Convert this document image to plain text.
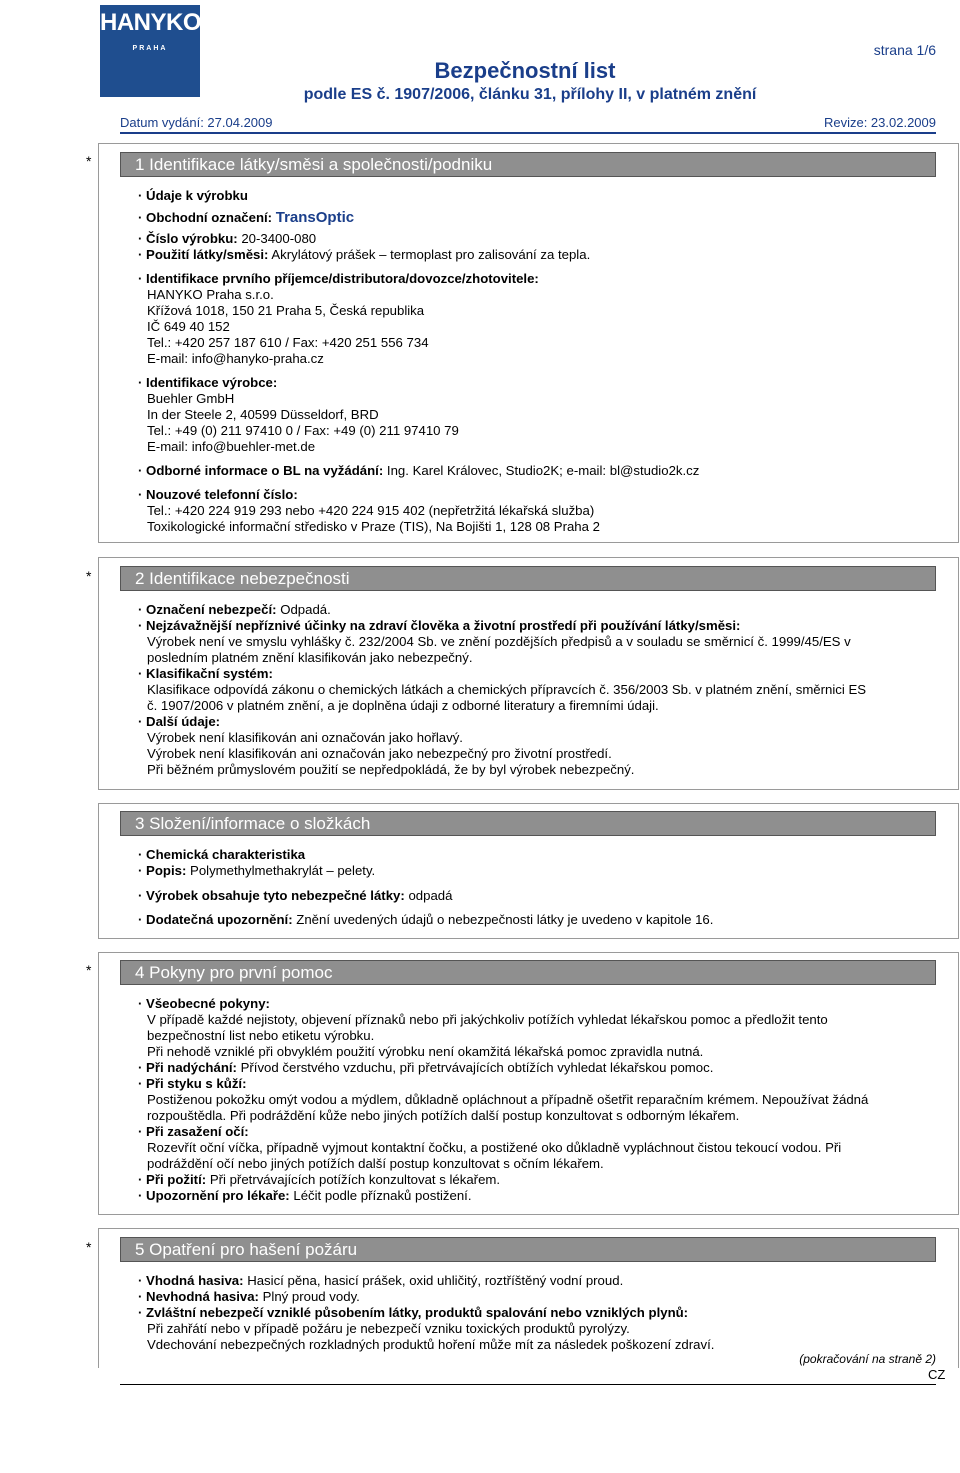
HANYKO
PRAHA
Bezpečnostní list
podle ES č. 1907/2006, článku 31, přílohy II, v platném znění
strana 1/6
Datum vydání: 27.04.2009	Revize: 23.02.2009
*	1 Identifikace látky/směsi a společnosti/podniku
· Údaje k výrobku
· Obchodní označení: TransOptic
· Číslo výrobku: 20-3400-080
· Použití látky/směsi: Akrylátový prášek – termoplast pro zalisování za tepla.
· Identifikace prvního příjemce/distributora/dovozce/zhotovitele:
HANYKO Praha s.r.o.
Křížová 1018, 150 21 Praha 5, Česká republika
IČ 649 40 152
Tel.: +420 257 187 610 / Fax: +420 251 556 734
E-mail: info@hanyko-praha.cz
· Identifikace výrobce:
Buehler GmbH
In der Steele 2, 40599 Düsseldorf, BRD
Tel.: +49 (0) 211 97410 0 / Fax: +49 (0) 211 97410 79
E-mail: info@buehler-met.de
· Odborné informace o BL na vyžádání: Ing. Karel Královec, Studio2K; e-mail: bl@studio2k.cz
· Nouzové telefonní číslo:
Tel.: +420 224 919 293 nebo +420 224 915 402 (nepřetržitá lékařská služba)
Toxikologické informační středisko v Praze (TIS), Na Bojišti 1, 128 08 Praha 2
*	2 Identifikace nebezpečnosti
· Označení nebezpečí: Odpadá.
· Nejzávažnější nepříznivé účinky na zdraví člověka a životní prostředí při používání látky/směsi:
Výrobek není ve smyslu vyhlášky č. 232/2004 Sb. ve znění pozdějších předpisů a v souladu se směrnicí č. 1999/45/ES v
posledním platném znění klasifikován jako nebezpečný.
· Klasifikační systém:
Klasifikace odpovídá zákonu o chemických látkách a chemických přípravcích č. 356/2003 Sb. v platném znění, směrnici ES
č. 1907/2006 v platném znění, a je doplněna údaji z odborné literatury a firemními údaji.
· Další údaje:
Výrobek není klasifikován ani označován jako hořlavý.
Výrobek není klasifikován ani označován jako nebezpečný pro životní prostředí.
Při běžném průmyslovém použití se nepředpokládá, že by byl výrobek nebezpečný.
3 Složení/informace o složkách
· Chemická charakteristika
· Popis: Polymethylmethakrylát – pelety.
· Výrobek obsahuje tyto nebezpečné látky: odpadá
· Dodatečná upozornění: Znění uvedených údajů o nebezpečnosti látky je uvedeno v kapitole 16.
*	4 Pokyny pro první pomoc
· Všeobecné pokyny:
V případě každé nejistoty, objevení příznaků nebo při jakýchkoliv potížích vyhledat lékařskou pomoc a předložit tento
bezpečnostní list nebo etiketu výrobku.
Při nehodě vzniklé při obvyklém použití výrobku není okamžitá lékařská pomoc zpravidla nutná.
· Při nadýchání: Přívod čerstvého vzduchu, při přetrvávajících obtížích vyhledat lékařskou pomoc.
· Při styku s kůží:
Postiženou pokožku omýt vodou a mýdlem, důkladně opláchnout a případně ošetřit reparačním krémem. Nepoužívat žádná
rozpouštědla. Při podráždění kůže nebo jiných potížích další postup konzultovat s odborným lékařem.
· Při zasažení očí:
Rozevřít oční víčka, případně vyjmout kontaktní čočku, a postižené oko důkladně vypláchnout čistou tekoucí vodou. Při
podráždění očí nebo jiných potížích další postup konzultovat s očním lékařem.
· Při požití: Při přetrvávajících potížích konzultovat s lékařem.
· Upozornění pro lékaře: Léčit podle příznaků postižení.
*	5 Opatření pro hašení požáru
· Vhodná hasiva: Hasicí pěna, hasicí prášek, oxid uhličitý, roztříštěný vodní proud.
· Nevhodná hasiva: Plný proud vody.
· Zvláštní nebezpečí vzniklé působením látky, produktů spalování nebo vzniklých plynů:
Při zahřátí nebo v případě požáru je nebezpečí vzniku toxických produktů pyrolýzy.
Vdechování nebezpečných rozkladných produktů hoření může mít za následek poškození zdraví.
(pokračování na straně 2)
CZ
